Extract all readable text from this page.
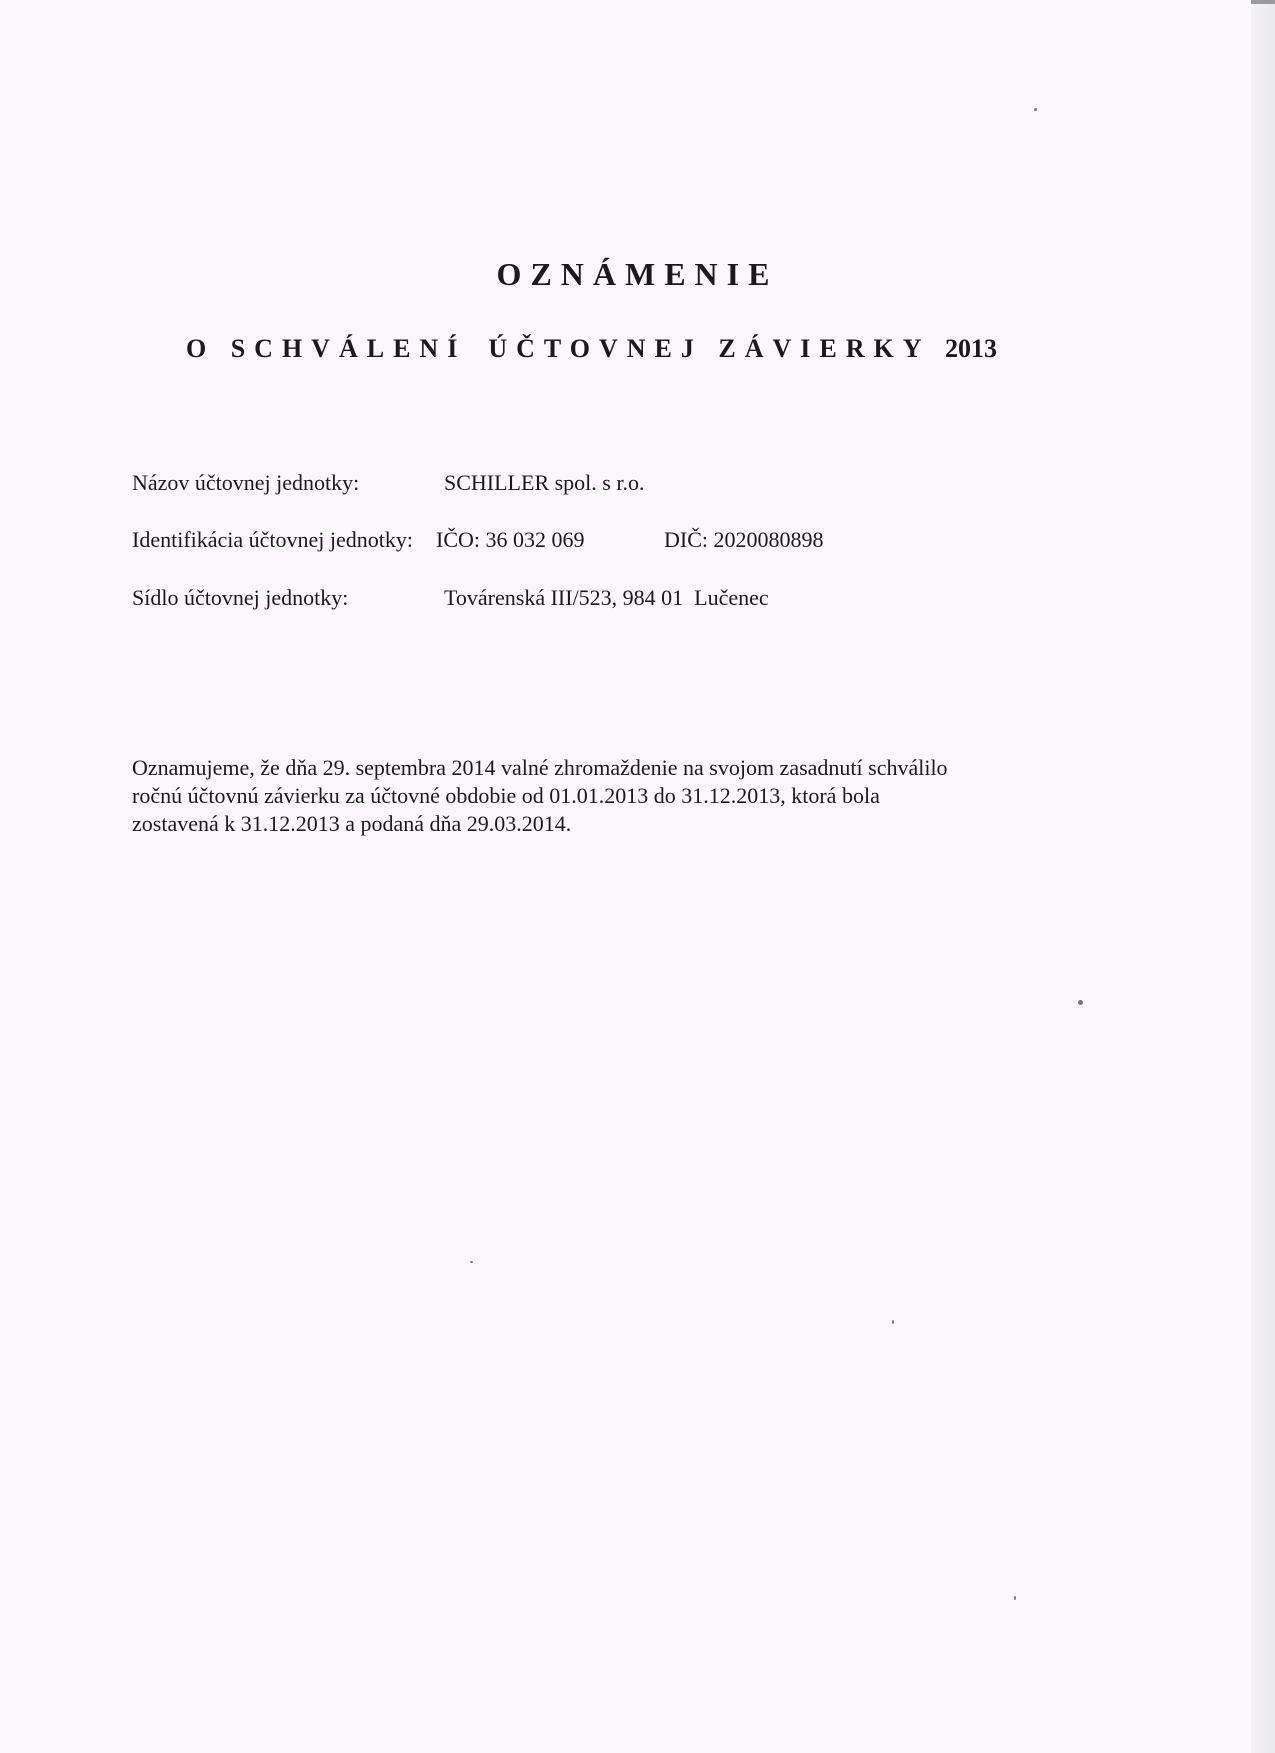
OZNÁMENIE
O SCHVÁLENÍ ÚČTOVNEJ ZÁVIERKY 2013
Názov účtovnej jednotky:	SCHILLER spol. s r.o.
Identifikácia účtovnej jednotky: IČO: 36 032 069	DIČ: 2020080898
Sídlo účtovnej jednotky:	Továrenská III/523, 984 01  Lučenec
Oznamujeme, že dňa 29. septembra 2014 valné zhromaždenie na svojom zasadnutí schválilo
ročnú účtovnú závierku za účtovné obdobie od 01.01.2013 do 31.12.2013, ktorá bola
zostavená k 31.12.2013 a podaná dňa 29.03.2014.
